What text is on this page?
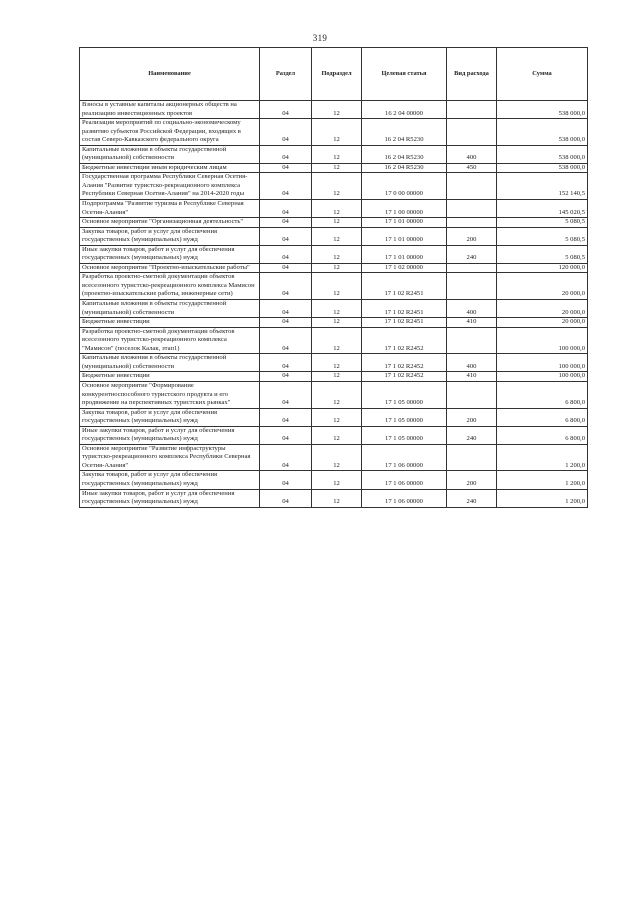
319
Наименование	Раздел	Подраздел	Целевая статья	Вид расхода	Сумма
Взносы в уставные капиталы акционерных обществ на реализацию инвестиционных проектов	04	12	16 2 04 00000		538 000,0
Реализация мероприятий по социально-экономическому развитию субъектов Российской Федерации, входящих в состав Северо-Кавказского федерального округа	04	12	16 2 04 R5230		538 000,0
Капитальные вложения в объекты государственной (муниципальной) собственности	04	12	16 2 04 R5230	400	538 000,0
Бюджетные инвестиции иным юридическим лицам	04	12	16 2 04 R5230	450	538 000,0
Государственная программа Республики Северная Осетия-Алания "Развитие туристско-рекреационного комплекса Республики Северная Осетия-Алания" на 2014-2020 годы	04	12	17 0 00 00000		152 140,5
Подпрограмма "Развитие туризма в Республике Северная Осетия-Алания"	04	12	17 1 00 00000		145 020,5
Основное мероприятие "Организационная деятельность"	04	12	17 1 01 00000		5 080,5
Закупка товаров, работ и услуг для обеспечения государственных (муниципальных) нужд	04	12	17 1 01 00000	200	5 080,5
Иные закупки товаров, работ и услуг для обеспечения государственных (муниципальных) нужд	04	12	17 1 01 00000	240	5 080,5
Основное мероприятие "Проектно-изыскательские работы"	04	12	17 1 02 00000		120 000,0
Разработка проектно-сметной документации объектов всесезонного туристско-рекреационного комплекса Мамисон (проектно-изыскательские работы, инженерные сети)	04	12	17 1 02 R2451		20 000,0
Капитальные вложения в объекты государственной (муниципальной) собственности	04	12	17 1 02 R2451	400	20 000,0
Бюджетные инвестиции	04	12	17 1 02 R2451	410	20 000,0
Разработка проектно-сметной документации объектов всесезонного туристско-рекреационного комплекса "Мамисон" (поселок Калак, этап1)	04	12	17 1 02 R2452		100 000,0
Капитальные вложения в объекты государственной (муниципальной) собственности	04	12	17 1 02 R2452	400	100 000,0
Бюджетные инвестиции	04	12	17 1 02 R2452	410	100 000,0
Основное мероприятие "Формирование конкурентноспособного туристского продукта и его продвижение на перспективных туристских рынках"	04	12	17 1 05 00000		6 800,0
Закупка товаров, работ и услуг для обеспечения государственных (муниципальных) нужд	04	12	17 1 05 00000	200	6 800,0
Иные закупки товаров, работ и услуг для обеспечения государственных (муниципальных) нужд	04	12	17 1 05 00000	240	6 800,0
Основное мероприятие "Развитие инфраструктуры туристско-рекреационного комплекса Республики Северная Осетия-Алания"	04	12	17 1 06 00000		1 200,0
Закупка товаров, работ и услуг для обеспечения государственных (муниципальных) нужд	04	12	17 1 06 00000	200	1 200,0
Иные закупки товаров, работ и услуг для обеспечения государственных (муниципальных) нужд	04	12	17 1 06 00000	240	1 200,0
